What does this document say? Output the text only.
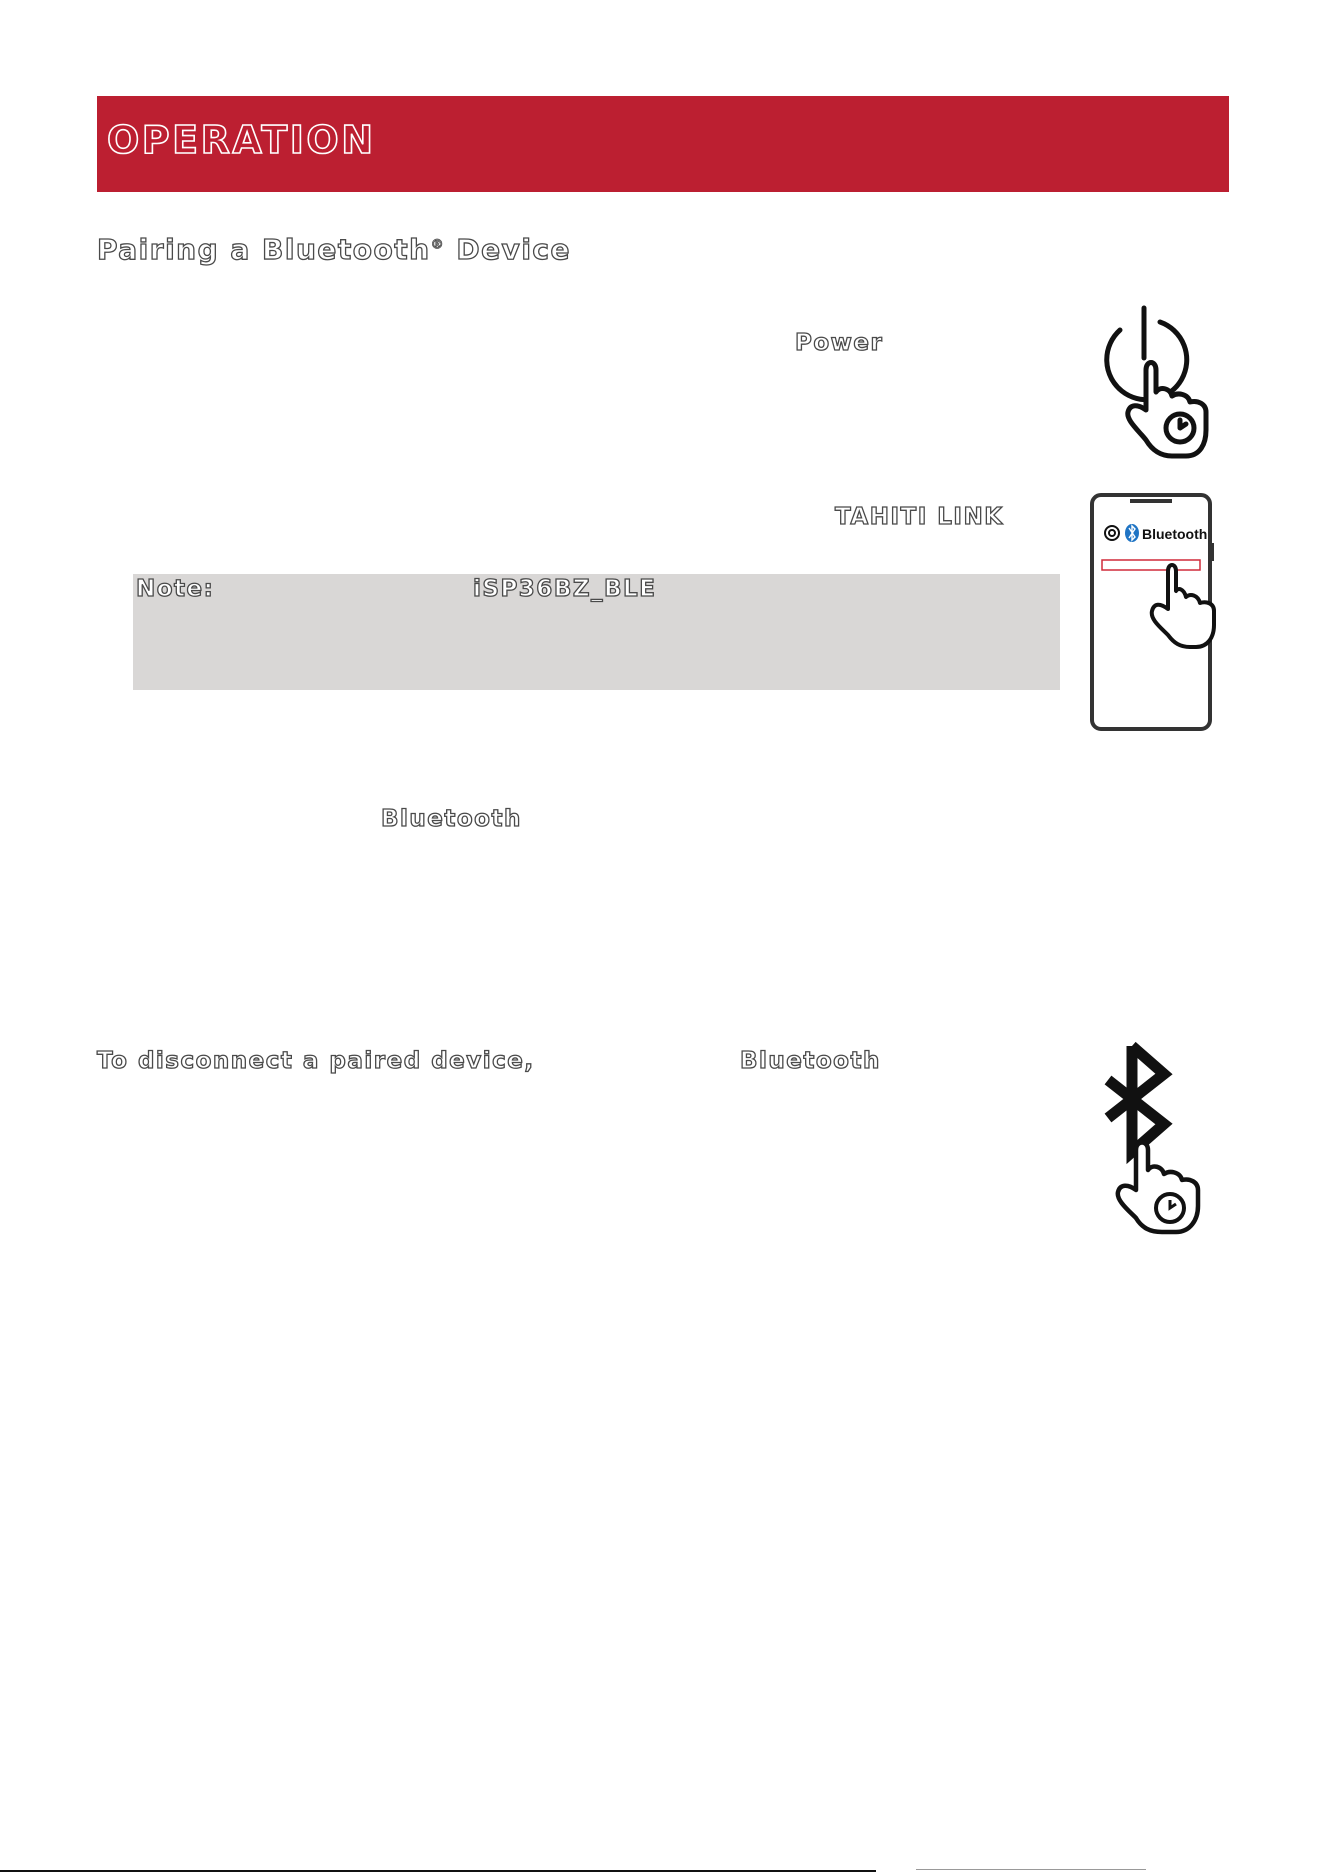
OPERATION
Pairing a Bluetooth® Device
Power
TAHITI LINK
Note:	iSP36BZ_BLE
Bluetooth
To disconnect a paired device,	Bluetooth
Bluetooth
